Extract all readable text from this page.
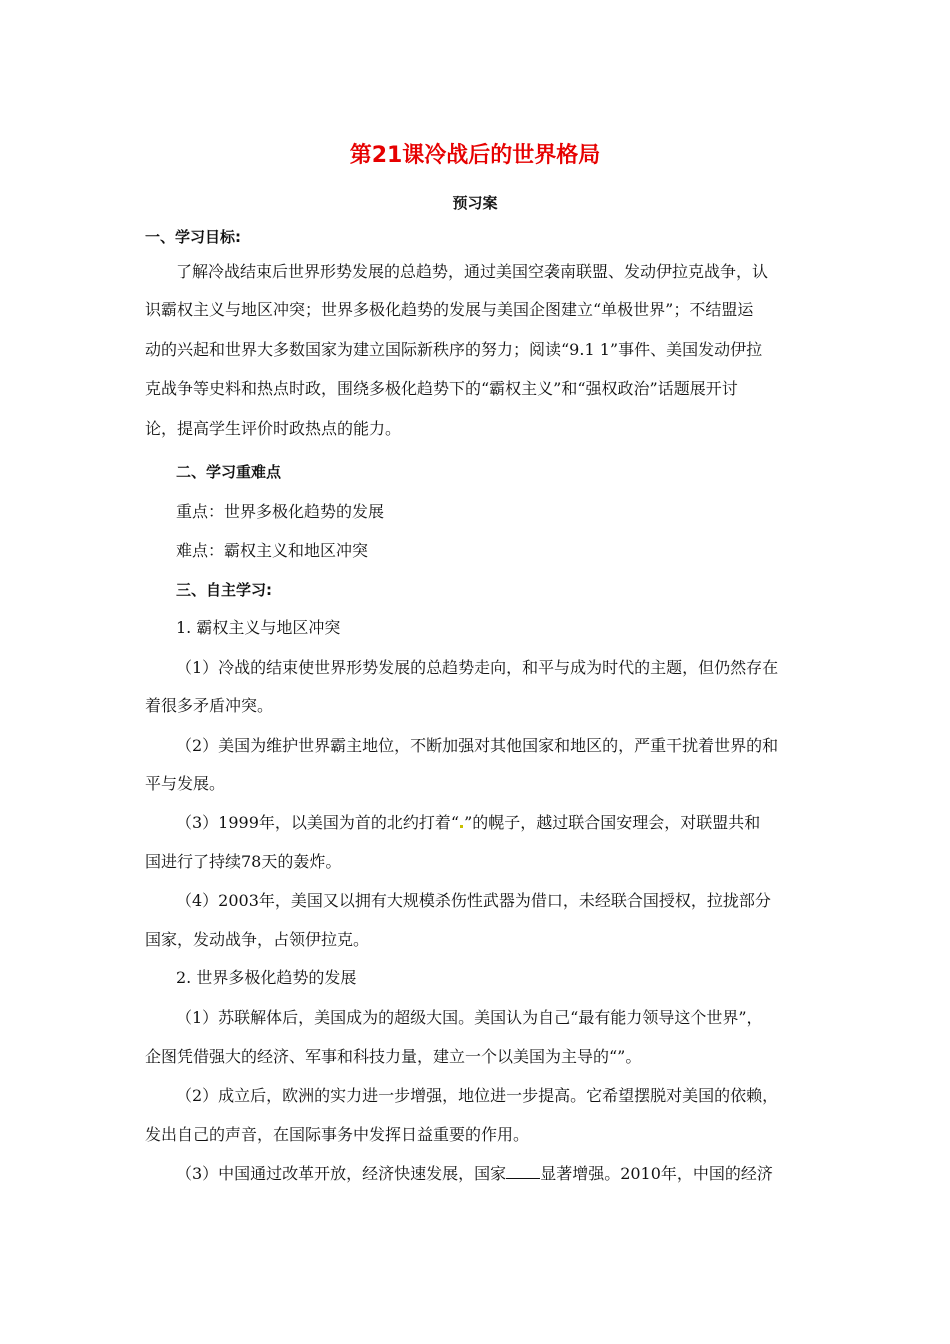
第21课冷战后的世界格局
预习案
一、学习目标:
了解冷战结束后世界形势发展的总趋势，通过美国空袭南联盟、发动伊拉克战争，认
识霸权主义与地区冲突；世界多极化趋势的发展与美国企图建立“单极世界”；不结盟运
动的兴起和世界大多数国家为建立国际新秩序的努力；阅读“9.1 1”事件、美国发动伊拉
克战争等史料和热点时政，围绕多极化趋势下的“霸权主义”和“强权政治”话题展开讨
论，提高学生评价时政热点的能力。
二、学习重难点
重点：世界多极化趋势的发展
难点：霸权主义和地区冲突
三、自主学习:
1. 霸权主义与地区冲突
（1）冷战的结束使世界形势发展的总趋势走向，和平与成为时代的主题，但仍然存在
着很多矛盾冲突。
（2）美国为维护世界霸主地位，不断加强对其他国家和地区的，严重干扰着世界的和
平与发展。
（3）1999年，以美国为首的北约打着“ ”的幌子，越过联合国安理会，对联盟共和
国进行了持续78天的轰炸。
（4）2003年，美国又以拥有大规模杀伤性武器为借口，未经联合国授权，拉拢部分
国家，发动战争，占领伊拉克。
2. 世界多极化趋势的发展
（1）苏联解体后，美国成为的超级大国。美国认为自己“最有能力领导这个世界”，
企图凭借强大的经济、军事和科技力量，建立一个以美国为主导的“”。
（2）成立后，欧洲的实力进一步增强，地位进一步提高。它希望摆脱对美国的依赖，
发出自己的声音，在国际事务中发挥日益重要的作用。
（3）中国通过改革开放，经济快速发展，国家 显著增强。2010年，中国的经济
